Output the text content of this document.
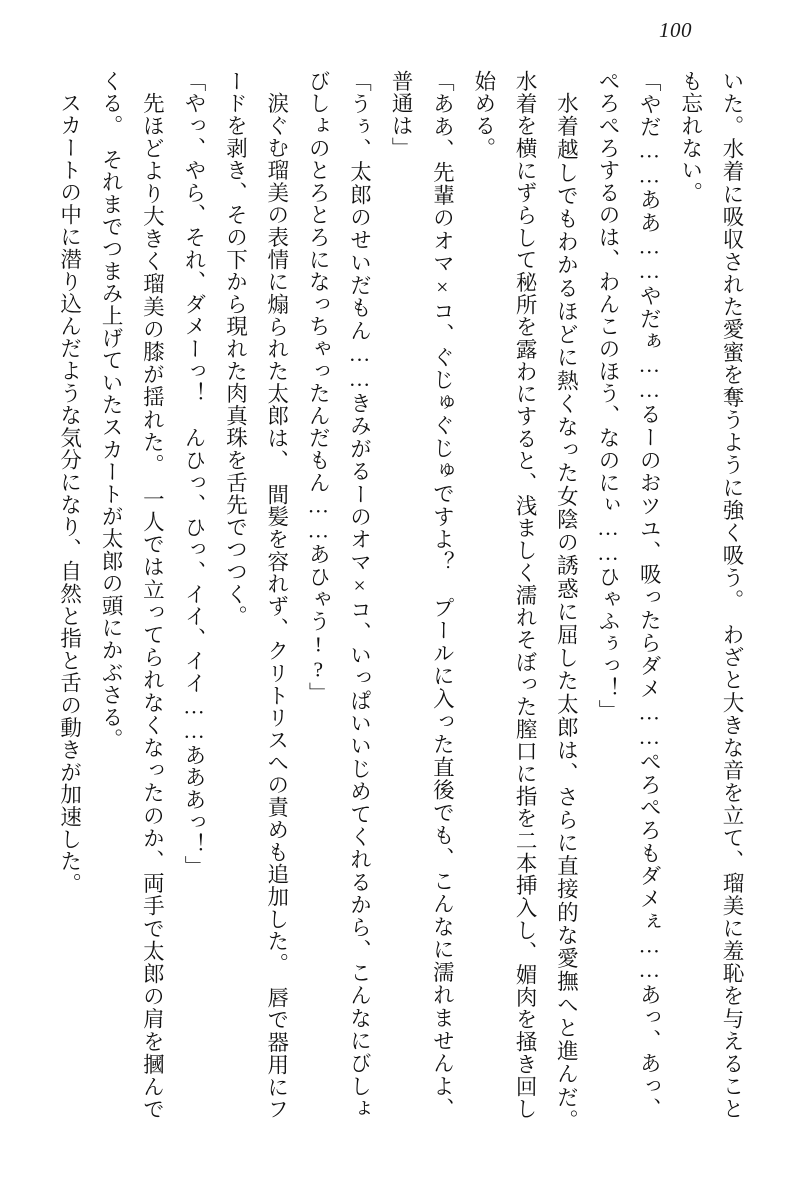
100

いた。水着に吸収された愛蜜を奪うように強く吸う。　わざと大きな音を立て、瑠美に羞恥を与えることも忘れない。

「やだ……ああ……やだぁ……るーのおツユ、吸ったらダメ……ぺろぺろもダメぇ……あっ、あっ、ぺろぺろするのは、わんこのほう、なのにぃ……ひゃふぅっ！」

水着越しでもわかるほどに熱くなった女陰の誘惑に屈した太郎は、さらに直接的な愛撫へと進んだ。　水着を横にずらして秘所を露わにすると、浅ましく濡れそぼった膣口に指を二本挿入し、媚肉を掻き回し始める。

「ああ、先輩のオマ×コ、ぐじゅぐじゅですよ？　プールに入った直後でも、こんなに濡れませんよ、普通は」

「うぅ、太郎のせいだもん……きみがるーのオマ×コ、いっぱいいじめてくれるから、こんなにびしょびしょのとろとろになっちゃったんだもん……あひゃう!?」

涙ぐむ瑠美の表情に煽られた太郎は、　間髪を容れず、クリトリスへの責めも追加した。　唇で器用にフードを剥き、その下から現れた肉真珠を舌先でつつく。

「やっ、やら、それ、ダメーっ！　んひっ、ひっ、イイ、イイ……あああっ！」

先ほどより大きく瑠美の膝が揺れた。　一人では立ってられなくなったのか、両手で太郎の肩を摑んでくる。　それまでつまみ上げていたスカートが太郎の頭にかぶさる。

スカートの中に潜り込んだような気分になり、自然と指と舌の動きが加速した。
